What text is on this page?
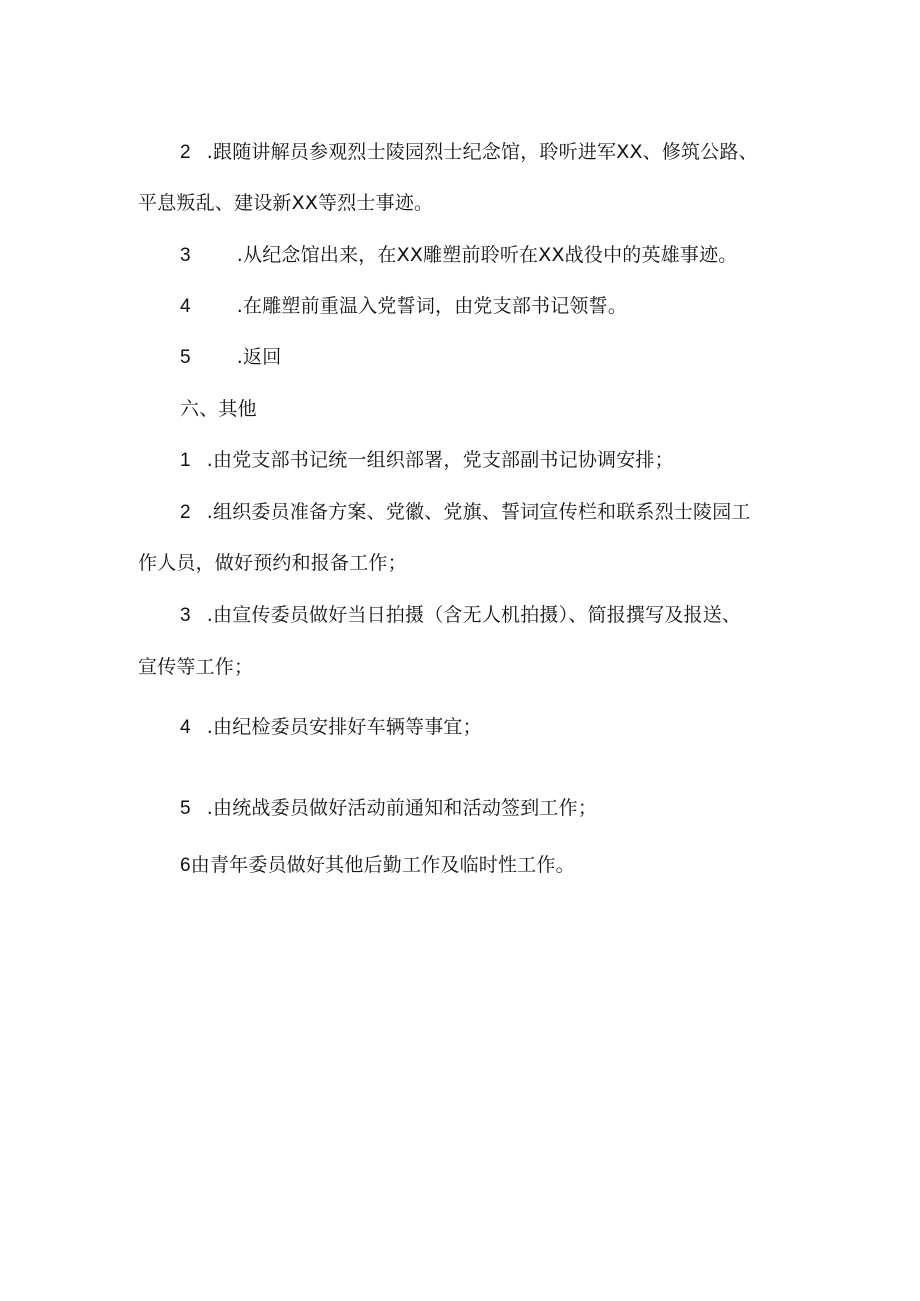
2 .跟随讲解员参观烈士陵园烈士纪念馆，聆听进军XX、修筑公路、
平息叛乱、建设新XX等烈士事迹。
3 .从纪念馆出来，在XX雕塑前聆听在XX战役中的英雄事迹。
4 .在雕塑前重温入党誓词，由党支部书记领誓。
5 .返回
六、其他
1 .由党支部书记统一组织部署，党支部副书记协调安排；
2 .组织委员准备方案、党徽、党旗、誓词宣传栏和联系烈士陵园工
作人员，做好预约和报备工作；
3 .由宣传委员做好当日拍摄（含无人机拍摄）、简报撰写及报送、
宣传等工作；
4 .由纪检委员安排好车辆等事宜；
5 .由统战委员做好活动前通知和活动签到工作；
6由青年委员做好其他后勤工作及临时性工作。
